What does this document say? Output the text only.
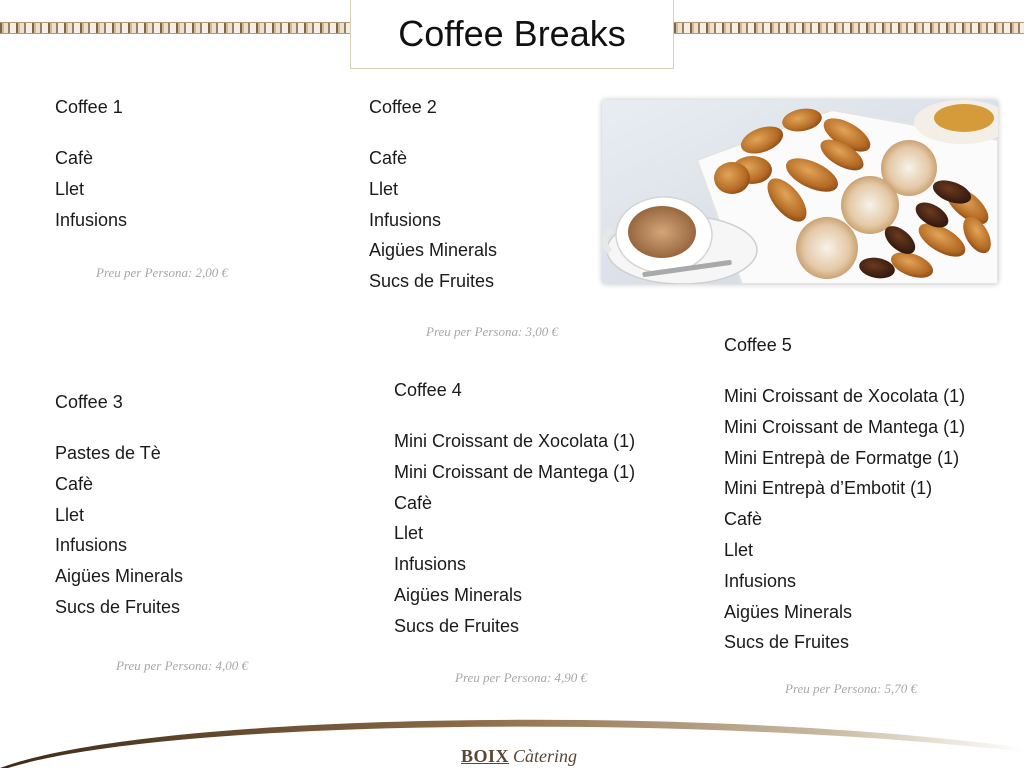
Coffee Breaks
Coffee 1
Cafè
Llet
Infusions
Preu per Persona: 2,00 €
Coffee 2
Cafè
Llet
Infusions
Aigües Minerals
Sucs de Fruites
Preu per Persona: 3,00 €
Coffee 3
Pastes de Tè
Cafè
Llet
Infusions
Aigües Minerals
Sucs de Fruites
Preu per Persona: 4,00 €
Coffee 4
Mini Croissant de Xocolata (1)
Mini Croissant de Mantega (1)
Cafè
Llet
Infusions
Aigües Minerals
Sucs de Fruites
Preu per Persona: 4,90 €
Coffee 5
Mini Croissant de Xocolata (1)
Mini Croissant de Mantega (1)
Mini Entrepà de Formatge (1)
Mini Entrepà d’Embotit (1)
Cafè
Llet
Infusions
Aigües Minerals
Sucs de Fruites
Preu per Persona: 5,70 €
BOIX Càtering
